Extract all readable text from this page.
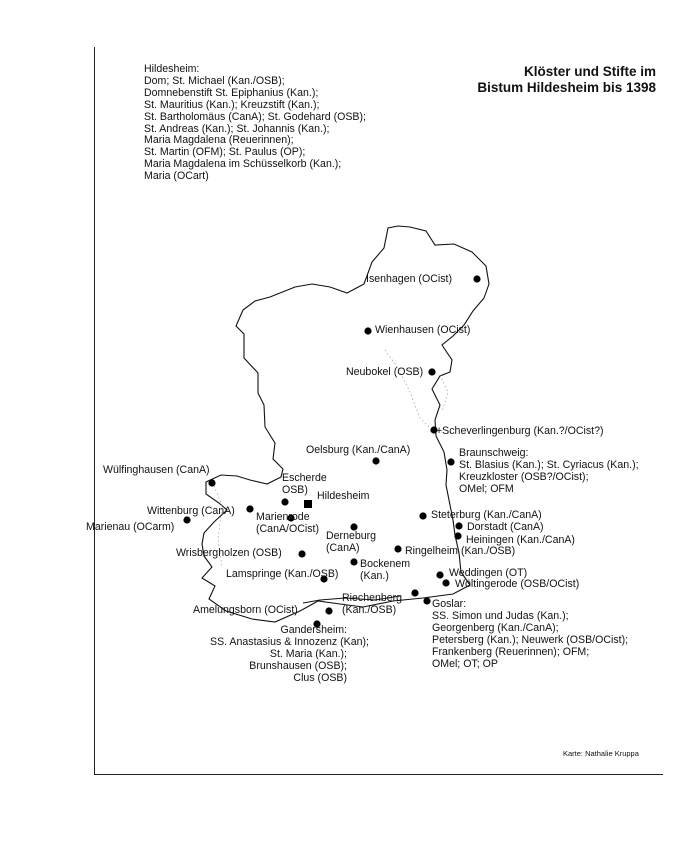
Klöster und Stifte im
Bistum Hildesheim bis 1398
Hildesheim:
Dom; St. Michael (Kan./OSB);
Domnebenstift St. Epiphanius (Kan.);
St. Mauritius (Kan.); Kreuzstift (Kan.);
St. Bartholomäus (CanA); St. Godehard (OSB);
St. Andreas (Kan.); St. Johannis (Kan.);
Maria Magdalena (Reuerinnen);
St. Martin (OFM); St. Paulus (OP);
Maria Magdalena im Schüsselkorb (Kan.);
Maria (OCart)
Isenhagen (OCist)
Wienhausen (OCist)
Neubokel (OSB)
+Scheverlingenburg (Kan.?/OCist?)
Oelsburg (Kan./CanA)	Braunschweig:
St. Blasius (Kan.); St. Cyriacus (Kan.);
Kreuzkloster (OSB?/OCist);
OMel; OFM
Wülfinghausen (CanA)
Escherde
OSB) Hildesheim
Wittenburg (CanA) Marienrode
(CanA/OCist)
Marienau (OCarm)
Steterburg (Kan./CanA)
Dorstadt (CanA)
Heiningen (Kan./CanA)
Derneburg
(CanA)	Ringelheim (Kan./OSB)
Wrisbergholzen (OSB)
Bockenem
(Kan.)
Lamspringe (Kan./OSB)	Weddingen (OT)
Wöltingerode (OSB/OCist)
Riechenberg
(Kan./OSB)	Goslar:
SS. Simon und Judas (Kan.);
Georgenberg (Kan./CanA);
Petersberg (Kan.); Neuwerk (OSB/OCist);
Frankenberg (Reuerinnen); OFM;
OMel; OT; OP
Amelungsborn (OCist)
Gandersheim:
SS. Anastasius & Innozenz (Kan);
St. Maria (Kan.);
Brunshausen (OSB);
Clus (OSB)
Karte: Nathalie Kruppa
